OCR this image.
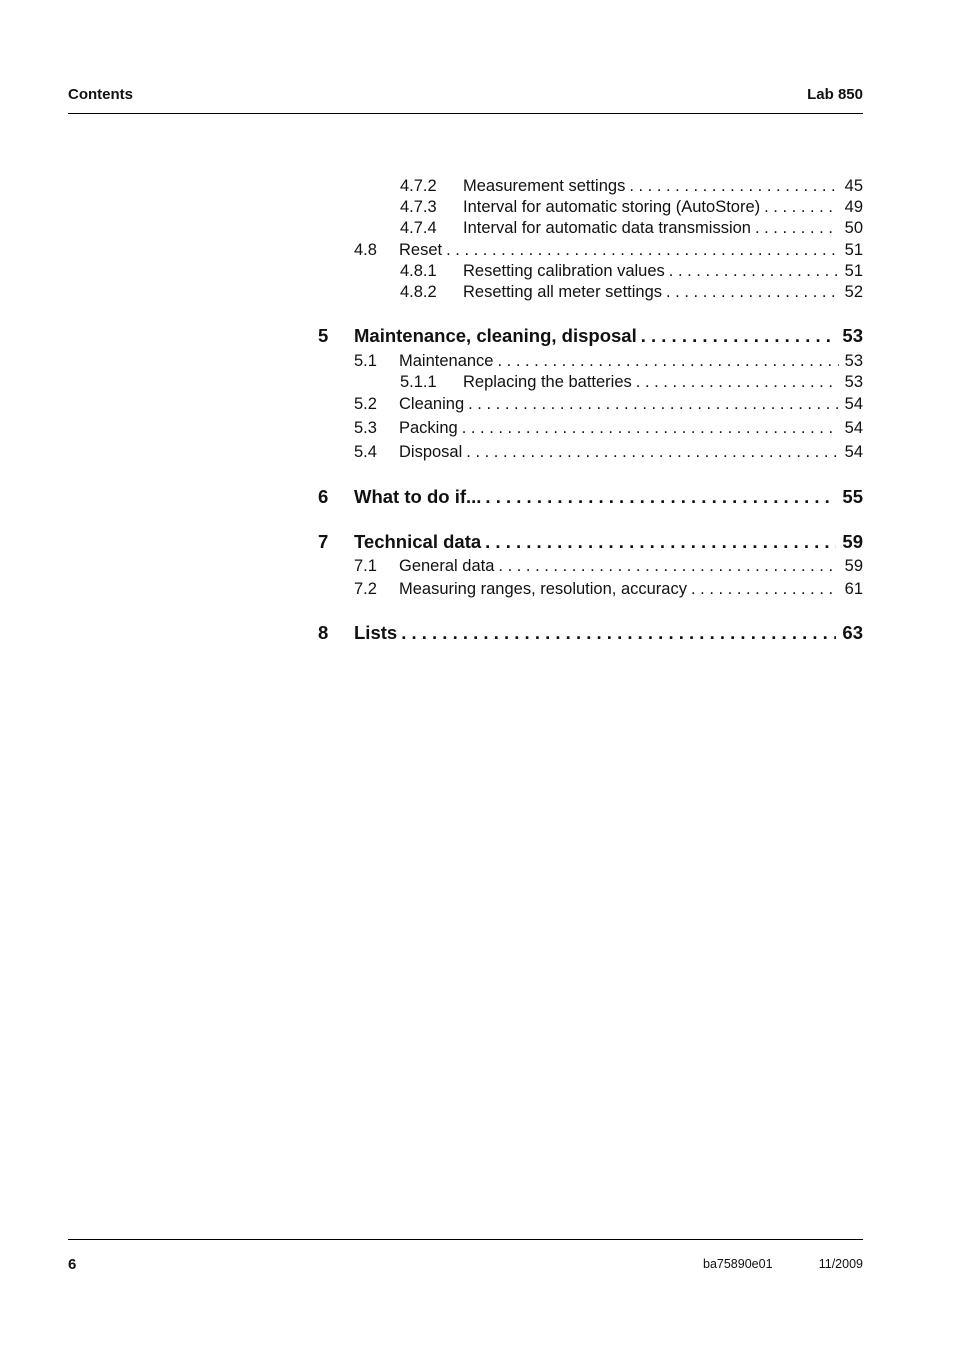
Contents	Lab 850
4.7.2	Measurement settings . . .	45
4.7.3	Interval for automatic storing (AutoStore) . . .	49
4.7.4	Interval for automatic data transmission . . .	50
4.8	Reset . . .	51
4.8.1	Resetting calibration values . . .	51
4.8.2	Resetting all meter settings . . .	52
5	Maintenance, cleaning, disposal . . .	53
5.1	Maintenance . . .	53
5.1.1	Replacing the batteries . . .	53
5.2	Cleaning . . .	54
5.3	Packing . . .	54
5.4	Disposal . . .	54
6	What to do if... . . .	55
7	Technical data . . .	59
7.1	General data . . .	59
7.2	Measuring ranges, resolution, accuracy . . .	61
8	Lists . . .	63
6	ba75890e01	11/2009
